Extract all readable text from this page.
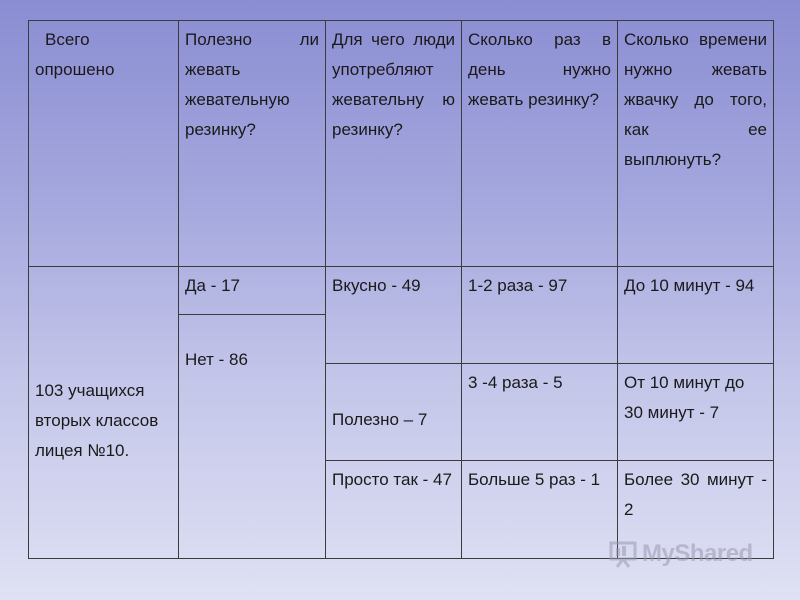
Всего опрошено	Полезно ли жевать жевательную резинку?	Для чего люди употребляют жевательну ю резинку?	Сколько раз в день нужно жевать резинку?	Сколько времени нужно жевать жвачку до того, как ее выплюнуть?
103 учащихся вторых классов лицея №10.	Да - 17	Вкусно - 49	1-2 раза - 97	До 10 минут - 94
	Нет - 86			
		Полезно – 7	3 -4 раза - 5	От 10 минут до 30 минут - 7
		Просто так - 47	Больше 5 раз - 1	Более 30 минут - 2
MyShared
